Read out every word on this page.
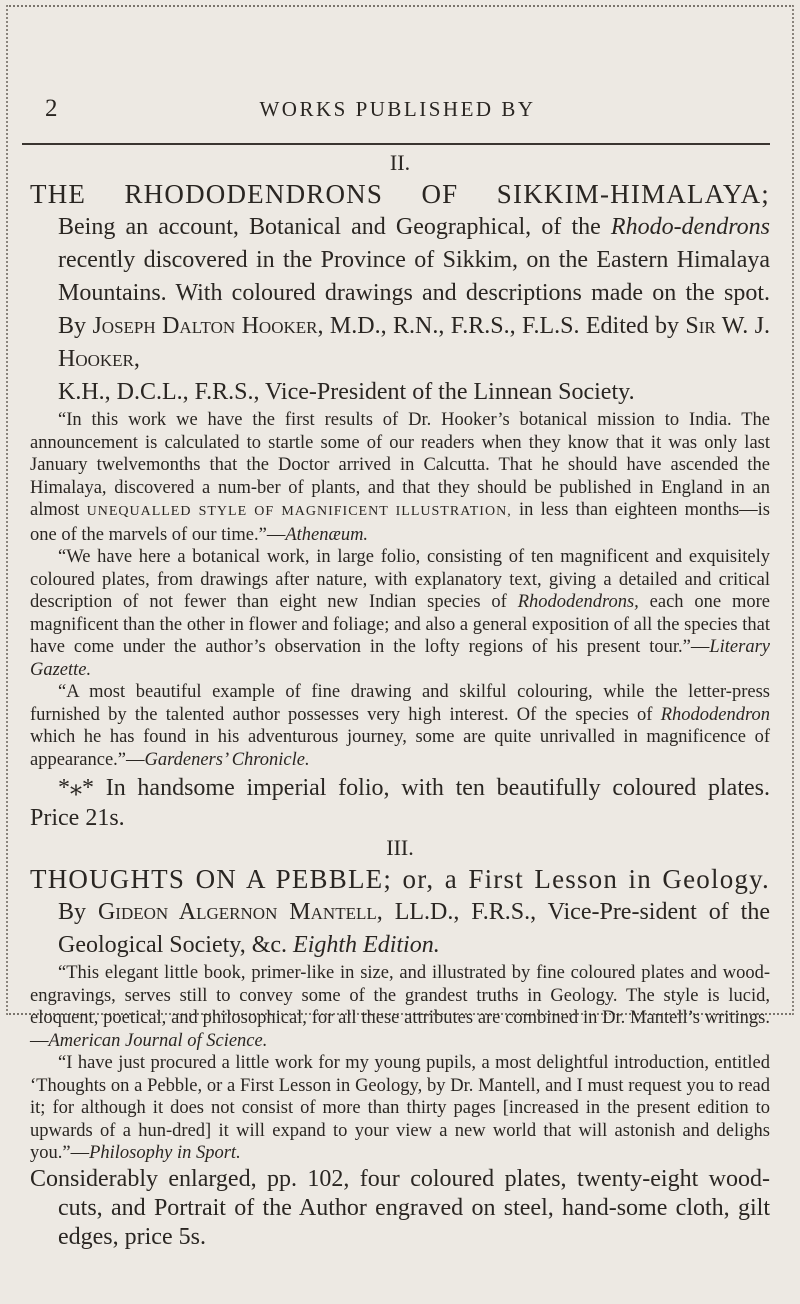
2	WORKS PUBLISHED BY

II.

THE RHODODENDRONS OF SIKKIM-HIMALAYA;

Being an account, Botanical and Geographical, of the Rhodo-dendrons recently discovered in the Province of Sikkim, on the Eastern Himalaya Mountains. With coloured drawings and descriptions made on the spot. By Joseph Dalton Hooker, M.D., R.N., F.R.S., F.L.S. Edited by Sir W. J. Hooker,
K.H., D.C.L., F.R.S., Vice-President of the Linnean Society.

“In this work we have the first results of Dr. Hooker’s botanical mission to India. The announcement is calculated to startle some of our readers when they know that it was only last January twelvemonths that the Doctor arrived in Calcutta. That he should have ascended the Himalaya, discovered a num-ber of plants, and that they should be published in England in an almost UNEQUALLED STYLE OF MAGNIFICENT ILLUSTRATION, in less than eighteen months—is one of the marvels of our time.”—Athenæum.

“We have here a botanical work, in large folio, consisting of ten magnificent and exquisitely coloured plates, from drawings after nature, with explanatory text, giving a detailed and critical description of not fewer than eight new Indian species of Rhododendrons, each one more magnificent than the other in flower and foliage; and also a general exposition of all the species that have come under the author’s observation in the lofty regions of his present tour.”—Literary Gazette.

“A most beautiful example of fine drawing and skilful colouring, while the letter-press furnished by the talented author possesses very high interest. Of the species of Rhododendron which he has found in his adventurous journey, some are quite unrivalled in magnificence of appearance.”—Gardeners’ Chronicle.

*⁎* In handsome imperial folio, with ten beautifully coloured plates. Price 21s.

III.

THOUGHTS ON A PEBBLE; or, a First Lesson in Geology.

By Gideon Algernon Mantell, LL.D., F.R.S., Vice-Pre-sident of the Geological Society, &c. Eighth Edition.

“This elegant little book, primer-like in size, and illustrated by fine coloured plates and wood-engravings, serves still to convey some of the grandest truths in Geology. The style is lucid, eloquent, poetical, and philosophical, for all these attributes are combined in Dr. Mantell’s writings.—American Journal of Science.

“I have just procured a little work for my young pupils, a most delightful introduction, entitled ‘Thoughts on a Pebble, or a First Lesson in Geology, by Dr. Mantell, and I must request you to read it; for although it does not consist of more than thirty pages [increased in the present edition to upwards of a hun-dred] it will expand to your view a new world that will astonish and delighs you.”—Philosophy in Sport.

Considerably enlarged, pp. 102, four coloured plates, twenty-eight wood-cuts, and Portrait of the Author engraved on steel, hand-some cloth, gilt edges, price 5s.
